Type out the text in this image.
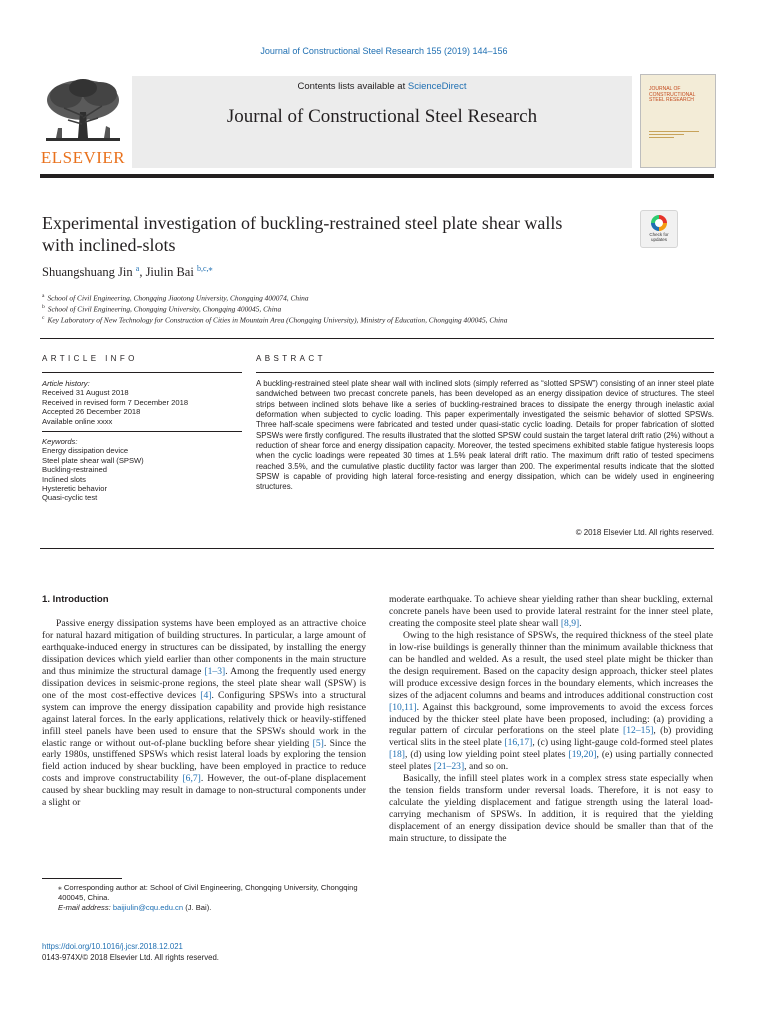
Journal of Constructional Steel Research 155 (2019) 144–156
ELSEVIER
Contents lists available at ScienceDirect
Journal of Constructional Steel Research
JOURNAL OF CONSTRUCTIONAL STEEL RESEARCH
Experimental investigation of buckling-restrained steel plate shear walls
with inclined-slots
Check for updates
Shuangshuang Jin $^a$, Jiulin Bai $^{b,c,⁎}$
$^a$ School of Civil Engineering, Chongqing Jiaotong University, Chongqing 400074, China
$^b$ School of Civil Engineering, Chongqing University, Chongqing 400045, China
$^c$ Key Laboratory of New Technology for Construction of Cities in Mountain Area (Chongqing University), Ministry of Education, Chongqing 400045, China
ARTICLE INFO	ABSTRACT
Article history:
Received 31 August 2018
Received in revised form 7 December 2018
Accepted 26 December 2018
Available online xxxx
Keywords:
Energy dissipation device
Steel plate shear wall (SPSW)
Buckling-restrained
Inclined slots
Hysteretic behavior
Quasi-cyclic test
A buckling-restrained steel plate shear wall with inclined slots (simply referred as “slotted SPSW”) consisting of an inner steel plate sandwiched between two precast concrete panels, has been developed as an energy dissipation device of structures. The steel strips between inclined slots behave like a series of buckling-restrained braces to dissipate the energy through inelastic axial deformation when subjected to cyclic loading. This paper experimentally investigated the seismic behavior of slotted SPSWs. Three half-scale specimens were fabricated and tested under quasi-static cyclic loading. Details for proper fabrication of slotted SPSWs were firstly configured. The results illustrated that the slotted SPSW could sustain the target lateral drift ratio (2%) without a reduction of shear force and energy dissipation capacity. Moreover, the tested specimens exhibited stable fatigue hysteresis loops when the cyclic loadings were repeated 30 times at 1.5% peak lateral drift ratio. The maximum drift ratio of tested specimens reached 3.5%, and the cumulative plastic ductility factor was larger than 200. The experimental results indicate that the slotted SPSW is capable of providing high lateral force-resisting and energy dissipation, which can be widely used in engineering structures.
© 2018 Elsevier Ltd. All rights reserved.
1. Introduction

Passive energy dissipation systems have been employed as an attractive choice for natural hazard mitigation of building structures. In particular, a large amount of earthquake-induced energy in structures can be dissipated, by installing the energy dissipation devices which yield earlier than other components in the main structure and thus minimize the structural damage [1–3]. Among the frequently used energy dissipation devices in seismic-prone regions, the steel plate shear wall (SPSW) is one of the most cost-effective devices [4]. Configuring SPSWs into a structural system can improve the energy dissipation capability and provide high resistance against lateral forces. In the early applications, relatively thick or heavily-stiffened infill steel panels have been used to ensure that the SPSWs should work in the elastic range or without out-of-plane buckling before shear yielding [5]. Since the early 1980s, unstiffened SPSWs which resist lateral loads by exploring the tension field action induced by shear buckling, have been employed in practice to reduce costs and improve constructability [6,7]. However, the out-of-plane displacement caused by shear buckling may result in damage to non-structural components under a slight or

moderate earthquake. To achieve shear yielding rather than shear buckling, external concrete panels have been used to provide lateral restraint for the inner steel plate, creating the composite steel plate shear wall [8,9].

Owing to the high resistance of SPSWs, the required thickness of the steel plate in low-rise buildings is generally thinner than the minimum available thickness that can be handled and welded. As a result, the used steel plate might be thicker than the design requirement. Based on the capacity design approach, thicker steel plates will produce excessive design forces in the boundary elements, which increases the sizes of the adjacent columns and beams and introduces additional construction cost [10,11]. Against this background, some improvements to avoid the excess forces induced by the thicker steel plate have been proposed, including: (a) providing a regular pattern of circular perforations on the steel plate [12–15], (b) providing vertical slits in the steel plate [16,17], (c) using light-gauge cold-formed steel plates [18], (d) using low yielding point steel plates [19,20], (e) using partially connected steel plates [21–23], and so on.

Basically, the infill steel plates work in a complex stress state especially when the tension fields transform under reversal loads. Therefore, it is not easy to calculate the yielding displacement and fatigue strength using the lateral load-carrying mechanism of SPSWs. In addition, it is required that the yielding displacement of an energy dissipation device should be smaller than that of the main structure, to dissipate the

⁎ Corresponding author at: School of Civil Engineering, Chongqing University, Chongqing 400045, China.
E-mail address: baijiulin@cqu.edu.cn (J. Bai).
https://doi.org/10.1016/j.jcsr.2018.12.021
0143-974X/© 2018 Elsevier Ltd. All rights reserved.
